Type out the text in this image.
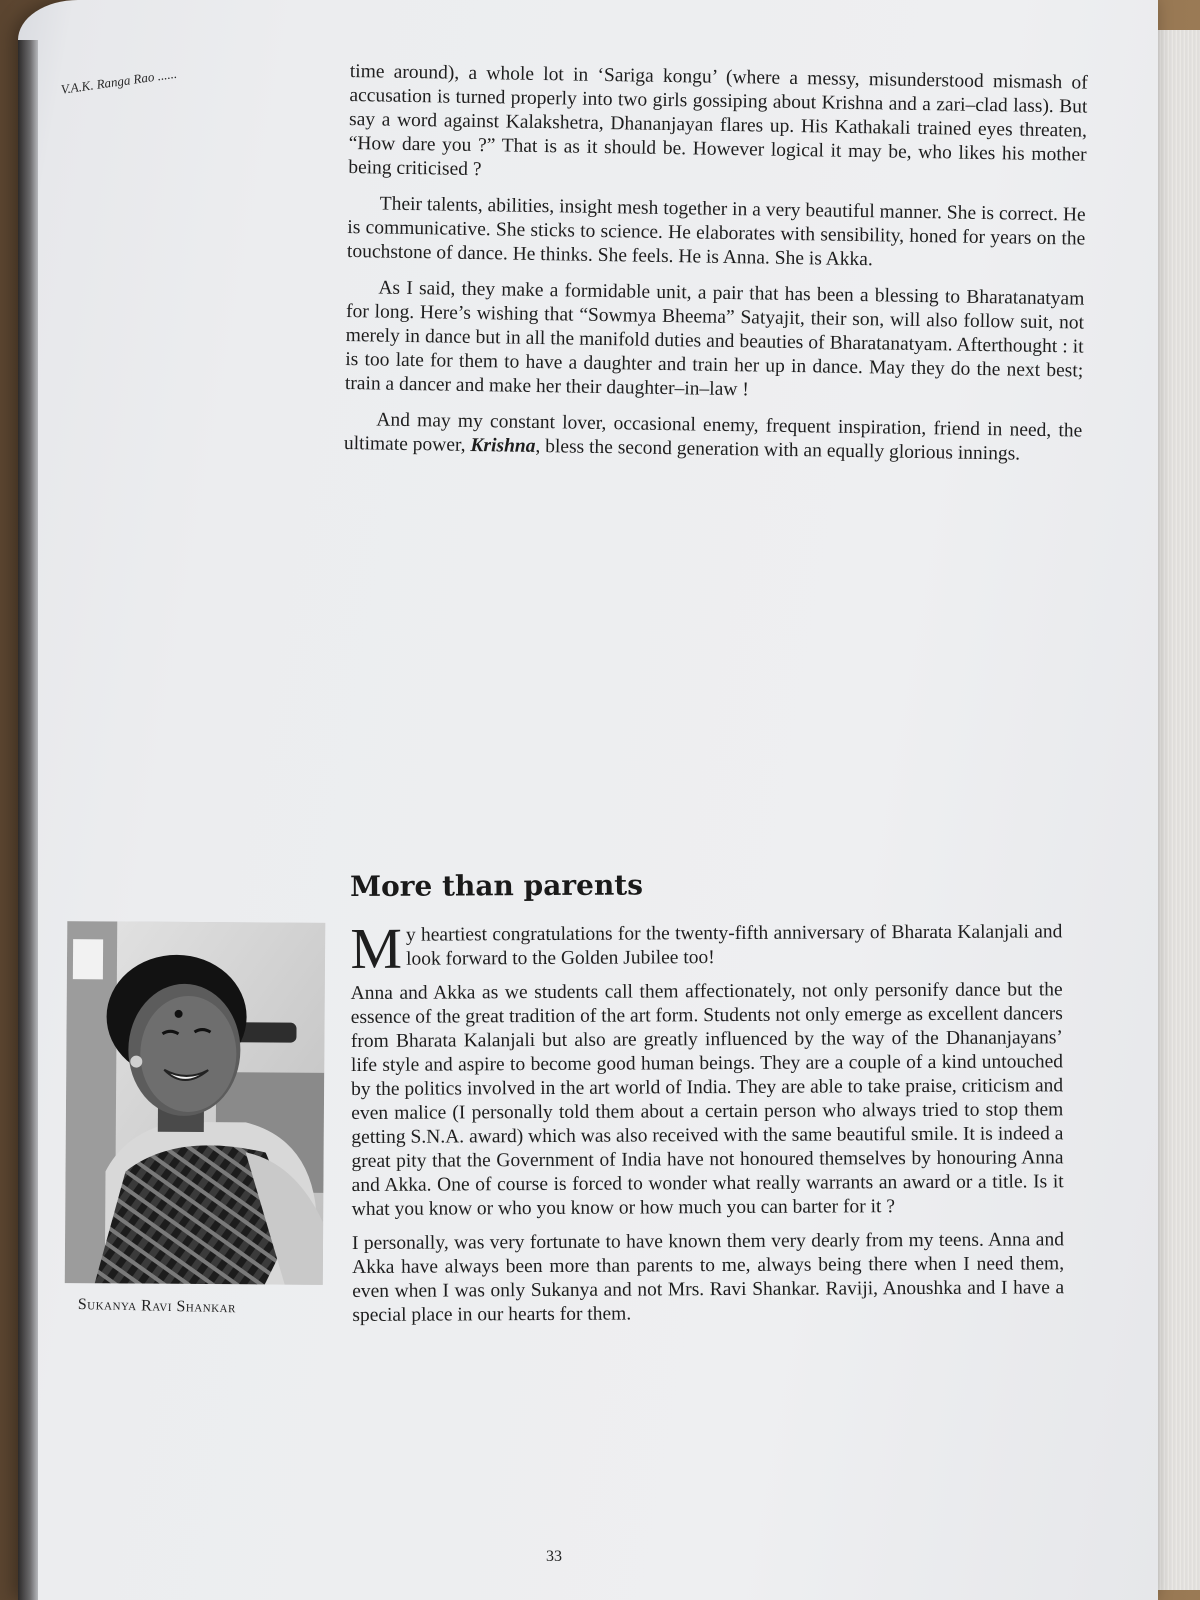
V.A.K. Ranga Rao ......	time around), a whole lot in ‘Sariga kongu’ (where a messy, misunderstood mismash of accusation is turned properly into two girls gossiping about Krishna and a zari–clad lass). But say a word against Kalakshetra, Dhananjayan flares up. His Kathakali trained eyes threaten, “How dare you ?” That is as it should be. However logical it may be, who likes his mother being criticised ?

Their talents, abilities, insight mesh together in a very beautiful manner. She is correct. He is communicative. She sticks to science. He elaborates with sensibility, honed for years on the touchstone of dance. He thinks. She feels. He is Anna. She is Akka.

As I said, they make a formidable unit, a pair that has been a blessing to Bharatanatyam for long. Here’s wishing that “Sowmya Bheema” Satyajit, their son, will also follow suit, not merely in dance but in all the manifold duties and beauties of Bharatanatyam. Afterthought : it is too late for them to have a daughter and train her up in dance. May they do the next best; train a dancer and make her their daughter–in–law !

And may my constant lover, occasional enemy, frequent inspiration, friend in need, the ultimate power, Krishna, bless the second generation with an equally glorious innings.

Sukanya Ravi Shankar
More than parents

My heartiest congratulations for the twenty-fifth anniversary of Bharata Kalanjali and look forward to the Golden Jubilee too!

Anna and Akka as we students call them affectionately, not only personify dance but the essence of the great tradition of the art form. Students not only emerge as excellent dancers from Bharata Kalanjali but also are greatly influenced by the way of the Dhananjayans’ life style and aspire to become good human beings. They are a couple of a kind untouched by the politics involved in the art world of India. They are able to take praise, criticism and even malice (I personally told them about a certain person who always tried to stop them getting S.N.A. award) which was also received with the same beautiful smile. It is indeed a great pity that the Government of India have not honoured themselves by honouring Anna and Akka. One of course is forced to wonder what really warrants an award or a title. Is it what you know or who you know or how much you can barter for it ?

I personally, was very fortunate to have known them very dearly from my teens. Anna and Akka have always been more than parents to me, always being there when I need them, even when I was only Sukanya and not Mrs. Ravi Shankar. Raviji, Anoushka and I have a special place in our hearts for them.

33
